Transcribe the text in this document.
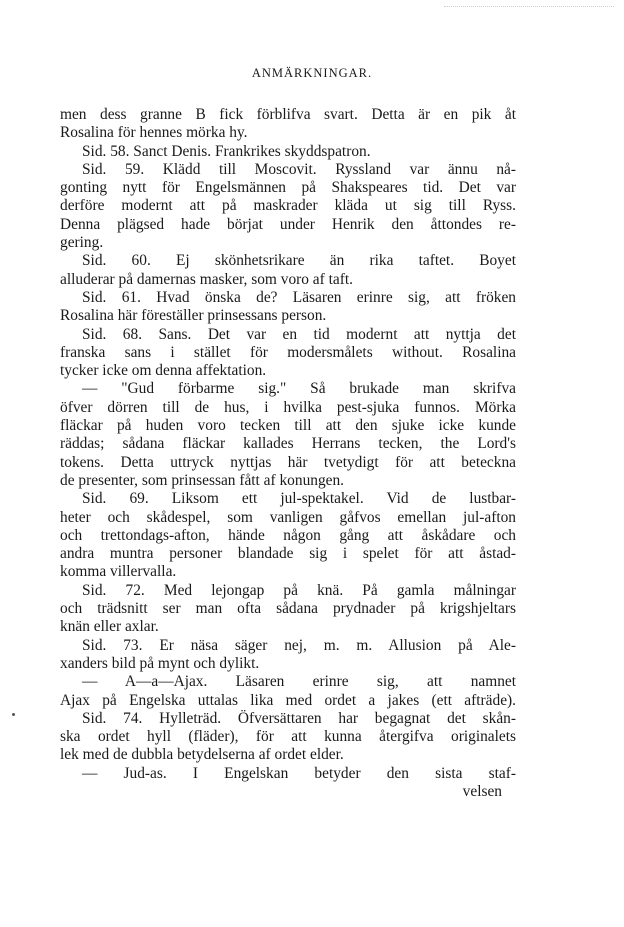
ANMÄRKNINGAR.
men dess granne B fick förblifva svart. Detta är en pik åt
Rosalina för hennes mörka hy.
Sid. 58. Sanct Denis. Frankrikes skyddspatron.
Sid. 59. Klädd till Moscovit. Ryssland var ännu nå-
gonting nytt för Engelsmännen på Shakspeares tid. Det var
derföre modernt att på maskrader kläda ut sig till Ryss.
Denna plägsed hade börjat under Henrik den åttondes re-
gering.
Sid. 60. Ej skönhetsrikare än rika taftet. Boyet
alluderar på damernas masker, som voro af taft.
Sid. 61. Hvad önska de? Läsaren erinre sig, att fröken
Rosalina här föreställer prinsessans person.
Sid. 68. Sans. Det var en tid modernt att nyttja det
franska sans i stället för modersmålets without. Rosalina
tycker icke om denna affektation.
— "Gud förbarme sig." Så brukade man skrifva
öfver dörren till de hus, i hvilka pest-sjuka funnos. Mörka
fläckar på huden voro tecken till att den sjuke icke kunde
räddas; sådana fläckar kallades Herrans tecken, the Lord's
tokens. Detta uttryck nyttjas här tvetydigt för att beteckna
de presenter, som prinsessan fått af konungen.
Sid. 69. Liksom ett jul-spektakel. Vid de lustbar-
heter och skådespel, som vanligen gåfvos emellan jul-afton
och trettondags-afton, hände någon gång att åskådare och
andra muntra personer blandade sig i spelet för att åstad-
komma villervalla.
Sid. 72. Med lejongap på knä. På gamla målningar
och trädsnitt ser man ofta sådana prydnader på krigshjeltars
knän eller axlar.
Sid. 73. Er näsa säger nej, m. m. Allusion på Ale-
xanders bild på mynt och dylikt.
— A—a—Ajax. Läsaren erinre sig, att namnet
Ajax på Engelska uttalas lika med ordet a jakes (ett afträde).
Sid. 74. Hylleträd. Öfversättaren har begagnat det skån-
ska ordet hyll (fläder), för att kunna återgifva originalets
lek med de dubbla betydelserna af ordet elder.
— Jud-as. I Engelskan betyder den sista staf-
velsen
